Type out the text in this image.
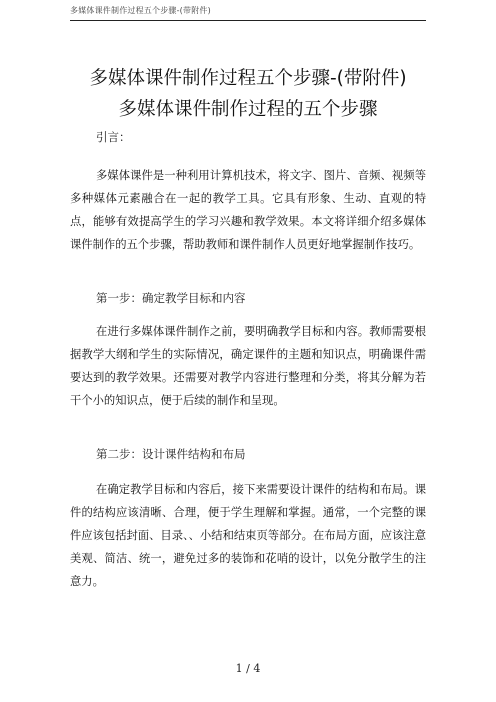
多媒体课件制作过程五个步骤-(带附件)
多媒体课件制作过程五个步骤-(带附件)
多媒体课件制作过程的五个步骤
引言：

多媒体课件是一种利用计算机技术，将文字、图片、音频、视频等多种媒体元素融合在一起的教学工具。它具有形象、生动、直观的特点，能够有效提高学生的学习兴趣和教学效果。本文将详细介绍多媒体课件制作的五个步骤，帮助教师和课件制作人员更好地掌握制作技巧。

第一步：确定教学目标和内容

在进行多媒体课件制作之前，要明确教学目标和内容。教师需要根据教学大纲和学生的实际情况，确定课件的主题和知识点，明确课件需要达到的教学效果。还需要对教学内容进行整理和分类，将其分解为若干个小的知识点，便于后续的制作和呈现。

第二步：设计课件结构和布局

在确定教学目标和内容后，接下来需要设计课件的结构和布局。课件的结构应该清晰、合理，便于学生理解和掌握。通常，一个完整的课件应该包括封面、目录、、小结和结束页等部分。在布局方面，应该注意美观、简洁、统一，避免过多的装饰和花哨的设计，以免分散学生的注意力。

1 / 4
